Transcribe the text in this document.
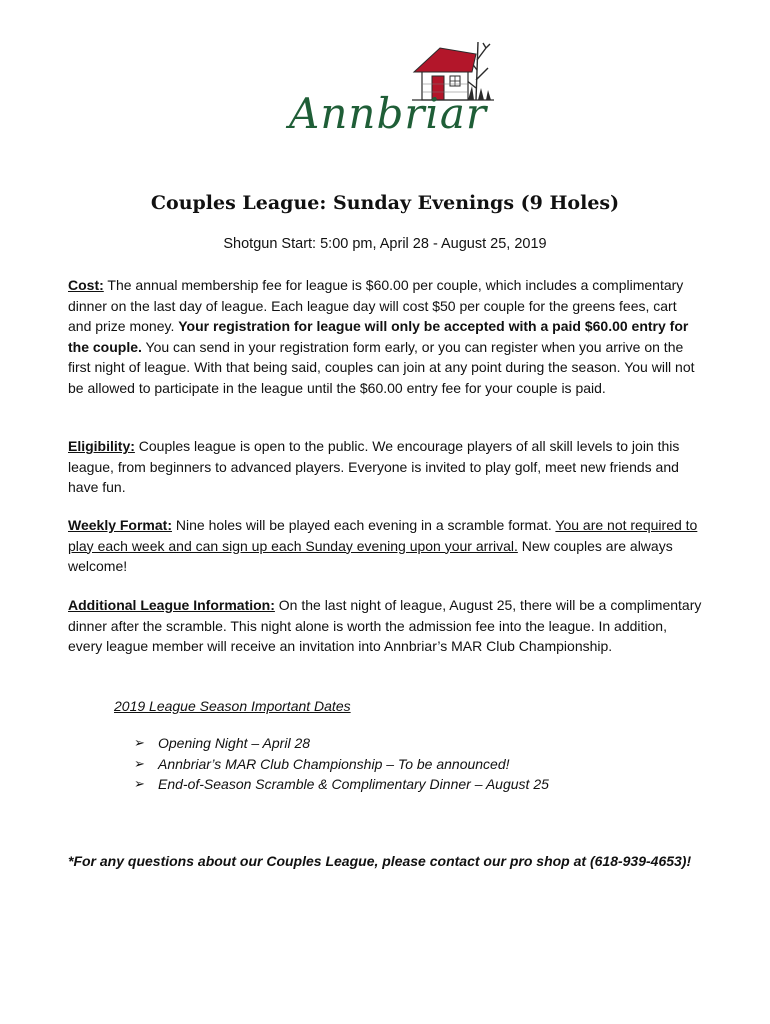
Annbriar
Couples League: Sunday Evenings (9 Holes)
Shotgun Start: 5:00 pm, April 28 - August 25, 2019

Cost: The annual membership fee for league is $60.00 per couple, which includes a complimentary dinner on the last day of league. Each league day will cost $50 per couple for the greens fees, cart and prize money. Your registration for league will only be accepted with a paid $60.00 entry for the couple. You can send in your registration form early, or you can register when you arrive on the first night of league. With that being said, couples can join at any point during the season. You will not be allowed to participate in the league until the $60.00 entry fee for your couple is paid.

Eligibility: Couples league is open to the public. We encourage players of all skill levels to join this league, from beginners to advanced players. Everyone is invited to play golf, meet new friends and have fun.

Weekly Format: Nine holes will be played each evening in a scramble format. You are not required to play each week and can sign up each Sunday evening upon your arrival. New couples are always welcome!

Additional League Information: On the last night of league, August 25, there will be a complimentary dinner after the scramble. This night alone is worth the admission fee into the league. In addition, every league member will receive an invitation into Annbriar’s MAR Club Championship.

2019 League Season Important Dates
➢ Opening Night – April 28
➢ Annbriar’s MAR Club Championship – To be announced!
➢ End-of-Season Scramble & Complimentary Dinner – August 25
*For any questions about our Couples League, please contact our pro shop at (618-939-4653)!
